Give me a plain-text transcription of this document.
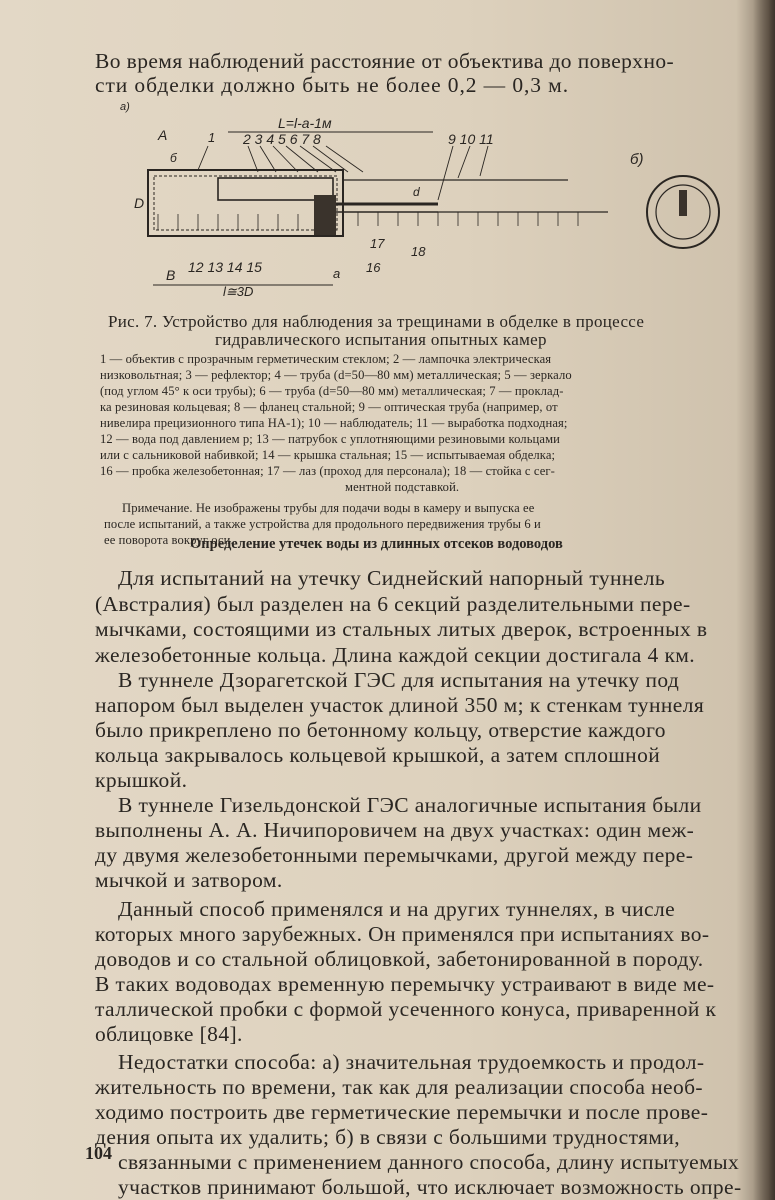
Во время наблюдений расстояние от объектива до поверхно-
сти обделки должно быть не более 0,2 — 0,3 м.
а)
б)
L=l-a-1м
A	1 2 3 4 5 6 7 8	9 10 11
б
d
D
17
18
12 13 14 15	16
B	a
l≅3D
Рис. 7. Устройство для наблюдения за трещинами в обделке в процессе
гидравлического испытания опытных камер
1 — объектив с прозрачным герметическим стеклом; 2 — лампочка электрическая
низковольтная; 3 — рефлектор; 4 — труба (d=50—80 мм) металлическая; 5 — зеркало
(под углом 45° к оси трубы); 6 — труба (d=50—80 мм) металлическая; 7 — проклад-
ка резиновая кольцевая; 8 — фланец стальной; 9 — оптическая труба (например, от
нивелира прецизионного типа НА-1); 10 — наблюдатель; 11 — выработка подходная;
12 — вода под давлением p; 13 — патрубок с уплотняющими резиновыми кольцами
или с сальниковой набивкой; 14 — крышка стальная; 15 — испытываемая обделка;
16 — пробка железобетонная; 17 — лаз (проход для персонала); 18 — стойка с сег-
ментной подставкой.
Примечание. Не изображены трубы для подачи воды в камеру и выпуска ее
после испытаний, а также устройства для продольного передвижения трубы 6 и
ее поворота вокруг оси.
Определение утечек воды из длинных отсеков водоводов
Для испытаний на утечку Сиднейский напорный туннель
(Австралия) был разделен на 6 секций разделительными пере-
мычками, состоящими из стальных литых дверок, встроенных в
железобетонные кольца. Длина каждой секции достигала 4 км.
В туннеле Дзорагетской ГЭС для испытания на утечку под
напором был выделен участок длиной 350 м; к стенкам туннеля
было прикреплено по бетонному кольцу, отверстие каждого
кольца закрывалось кольцевой крышкой, а затем сплошной
крышкой.
В туннеле Гизельдонской ГЭС аналогичные испытания были
выполнены А. А. Ничипоровичем на двух участках: один меж-
ду двумя железобетонными перемычками, другой между пере-
мычкой и затвором.
Данный способ применялся и на других туннелях, в числе
которых много зарубежных. Он применялся при испытаниях во-
доводов и со стальной облицовкой, забетонированной в породу.
В таких водоводах временную перемычку устраивают в виде ме-
таллической пробки с формой усеченного конуса, приваренной к
облицовке [84].
Недостатки способа: а) значительная трудоемкость и продол-
жительность по времени, так как для реализации способа необ-
ходимо построить две герметические перемычки и после прове-
дения опыта их удалить; б) в связи с большими трудностями,
связанными с применением данного способа, длину испытуемых
участков принимают большой, что исключает возможность опре-
104
